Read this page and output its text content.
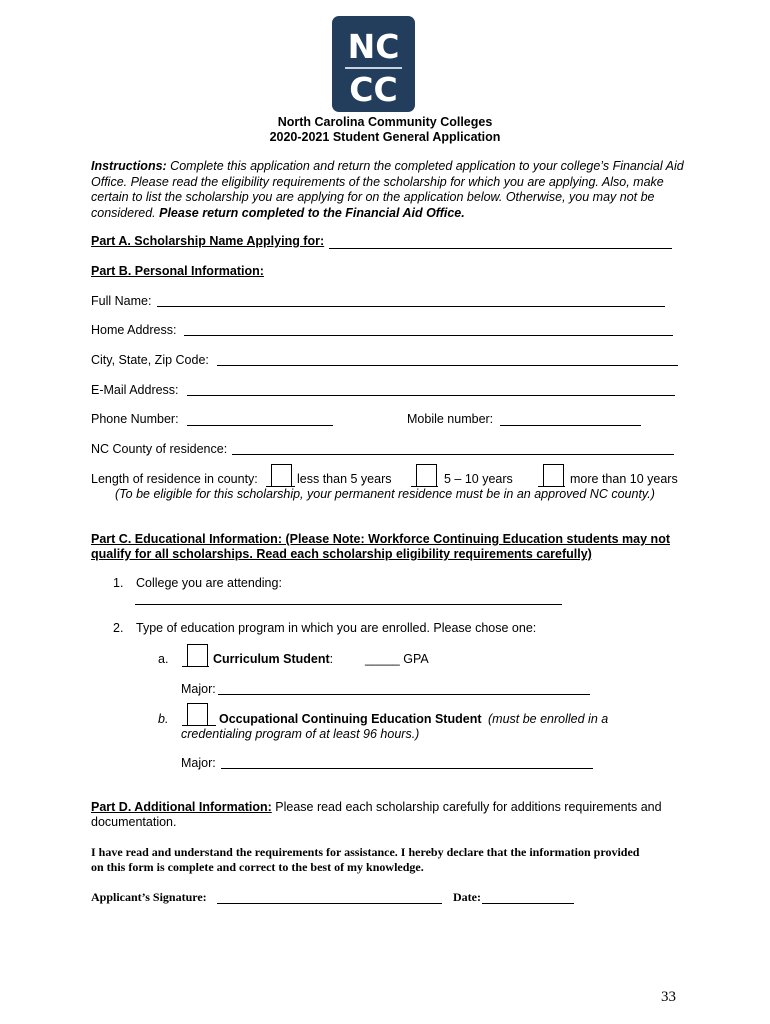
NC
CC
North Carolina Community Colleges
2020-2021 Student General Application
Instructions: Complete this application and return the completed application to your college’s Financial Aid Office. Please read the eligibility requirements of the scholarship for which you are applying. Also, make certain to list the scholarship you are applying for on the application below. Otherwise, you may not be considered. Please return completed to the Financial Aid Office.
Part A. Scholarship Name Applying for:
Part B. Personal Information:
Full Name:
Home Address:
City, State, Zip Code:
E-Mail Address:
Phone Number:	Mobile number:
NC County of residence:
Length of residence in county:	less than 5 years	5 – 10 years	more than 10 years
(To be eligible for this scholarship, your permanent residence must be in an approved NC county.)
Part C. Educational Information: (Please Note: Workforce Continuing Education students may not
qualify for all scholarships. Read each scholarship eligibility requirements carefully)
1. College you are attending:
2. Type of education program in which you are enrolled. Please chose one:
a.	Curriculum Student:	_____ GPA
Major:
b.	Occupational Continuing Education Student (must be enrolled in a
credentialing program of at least 96 hours.)
Major:
Part D. Additional Information: Please read each scholarship carefully for additions requirements and
documentation.
I have read and understand the requirements for assistance. I hereby declare that the information provided
on this form is complete and correct to the best of my knowledge.
Applicant’s Signature:	Date:
33
